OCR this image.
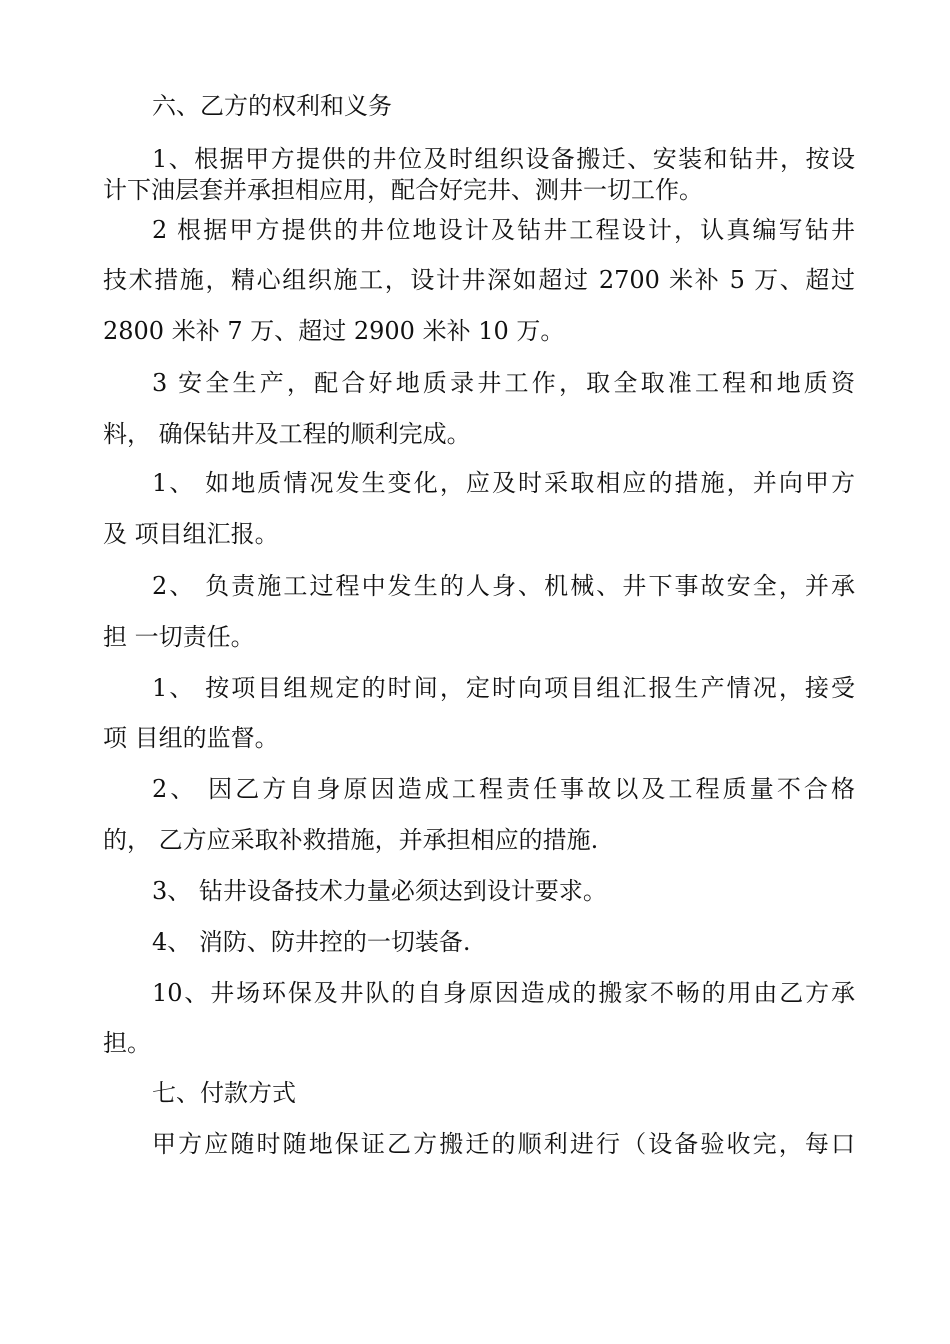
六、乙方的权利和义务
1、根据甲方提供的井位及时组织设备搬迁、安装和钻井，按设
计下油层套并承担相应用，配合好完井、测井一切工作。
2 根据甲方提供的井位地设计及钻井工程设计，认真编写钻井
技术措施，精心组织施工，设计井深如超过 2700 米补 5 万、超过
2800 米补 7 万、超过 2900 米补 10 万。
3 安全生产，配合好地质录井工作，取全取准工程和地质资
料， 确保钻井及工程的顺利完成。
1、 如地质情况发生变化，应及时采取相应的措施，并向甲方
及 项目组汇报。
2、 负责施工过程中发生的人身、机械、井下事故安全，并承
担 一切责任。
1、 按项目组规定的时间，定时向项目组汇报生产情况，接受
项 目组的监督。
2、 因乙方自身原因造成工程责任事故以及工程质量不合格
的， 乙方应采取补救措施，并承担相应的措施.
3、 钻井设备技术力量必须达到设计要求。
4、 消防、防井控的一切装备.
10、井场环保及井队的自身原因造成的搬家不畅的用由乙方承
担。
七、付款方式
甲方应随时随地保证乙方搬迁的顺利进行（设备验收完，每口
